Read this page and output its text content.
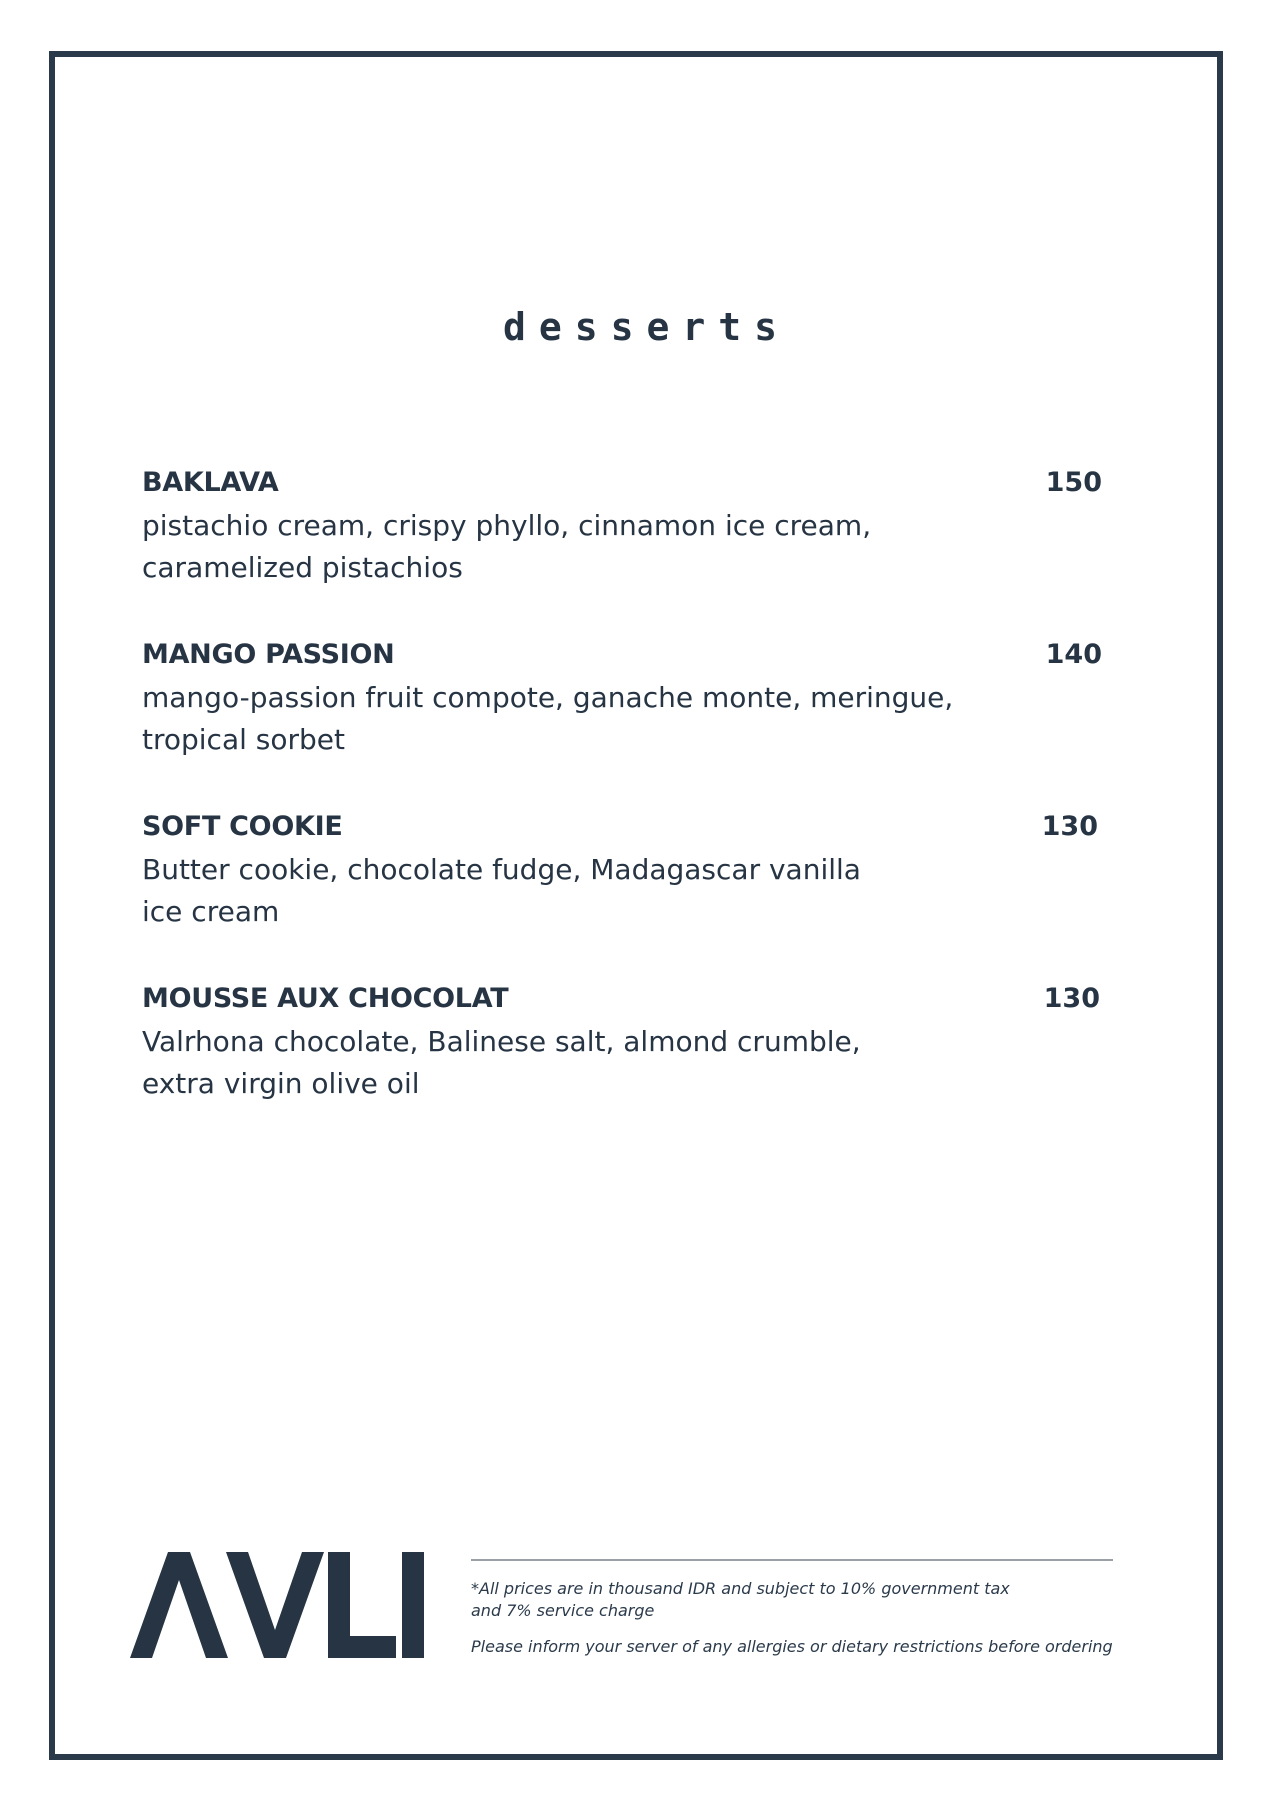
desserts
BAKLAVA	150
pistachio cream, crispy phyllo, cinnamon ice cream,
caramelized pistachios
MANGO PASSION	140
mango-passion fruit compote, ganache monte, meringue,
tropical sorbet
SOFT COOKIE	130
Butter cookie, chocolate fudge, Madagascar vanilla
ice cream
MOUSSE AUX CHOCOLAT	130
Valrhona chocolate, Balinese salt, almond crumble,
extra virgin olive oil
*All prices are in thousand IDR and subject to 10% government tax
and 7% service charge
Please inform your server of any allergies or dietary restrictions before ordering
